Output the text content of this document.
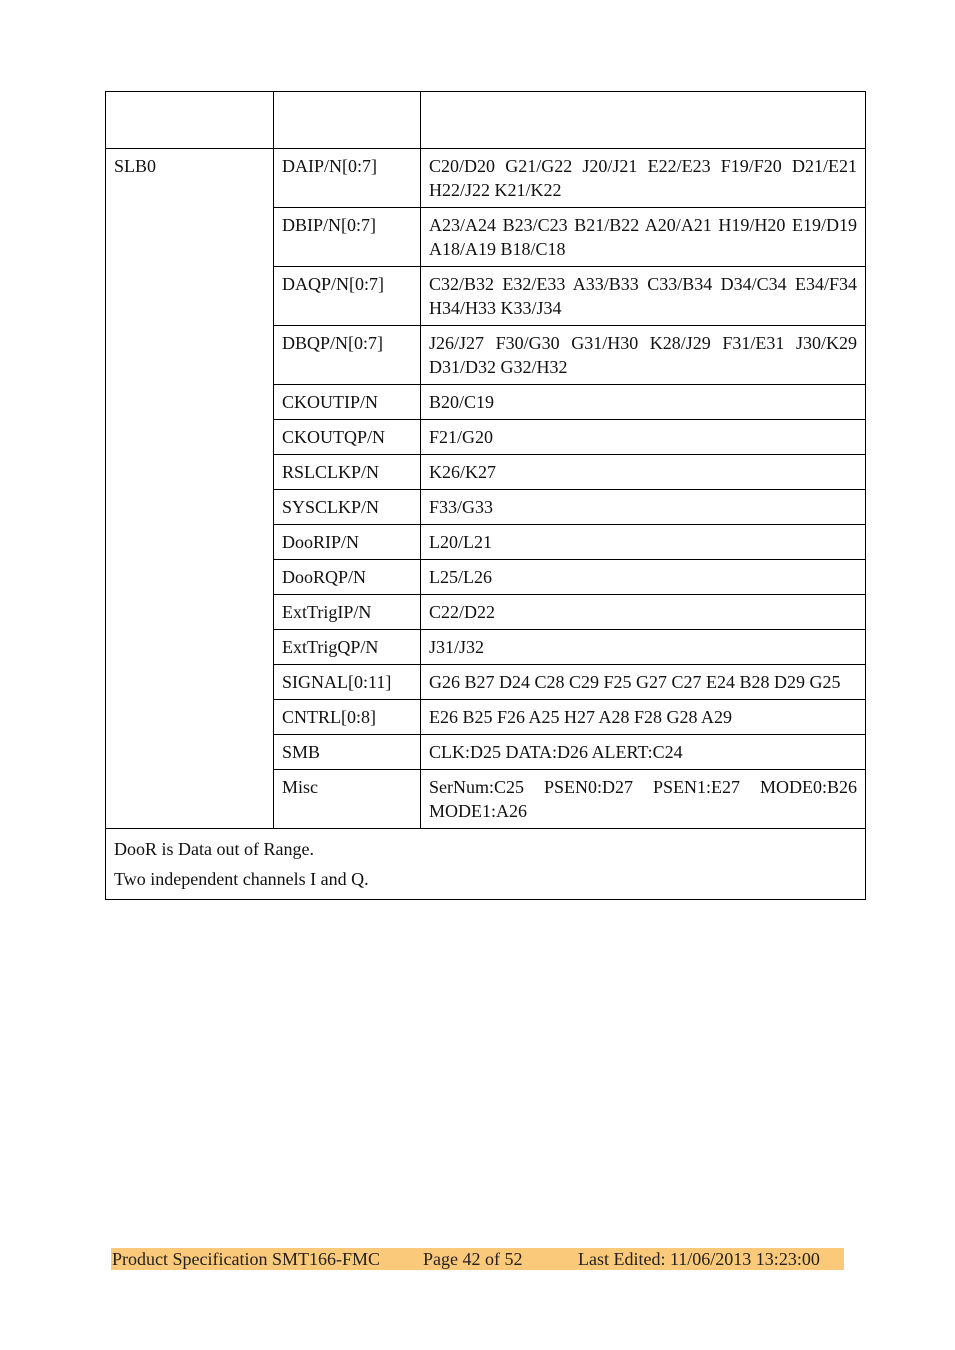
SLB0	DAIP/N[0:7]	C20/D20 G21/G22 J20/J21 E22/E23 F19/F20 D21/E21 H22/J22 K21/K22
	DBIP/N[0:7]	A23/A24 B23/C23 B21/B22 A20/A21 H19/H20 E19/D19 A18/A19 B18/C18
	DAQP/N[0:7]	C32/B32 E32/E33 A33/B33 C33/B34 D34/C34 E34/F34 H34/H33 K33/J34
	DBQP/N[0:7]	J26/J27 F30/G30 G31/H30 K28/J29 F31/E31 J30/K29 D31/D32 G32/H32
	CKOUTIP/N	B20/C19
	CKOUTQP/N	F21/G20
	RSLCLKP/N	K26/K27
	SYSCLKP/N	F33/G33
	DooRIP/N	L20/L21
	DooRQP/N	L25/L26
	ExtTrigIP/N	C22/D22
	ExtTrigQP/N	J31/J32
	SIGNAL[0:11]	G26 B27 D24 C28 C29 F25 G27 C27 E24 B28 D29 G25
	CNTRL[0:8]	E26 B25 F26 A25 H27 A28 F28 G28 A29
	SMB	CLK:D25 DATA:D26 ALERT:C24
	Misc	SerNum:C25 PSEN0:D27 PSEN1:E27 MODE0:B26 MODE1:A26

DooR is Data out of Range.
Two independent channels I and Q.		
Product Specification SMT166-FMC Page 42 of 52	Last Edited: 11/06/2013 13:23:00
